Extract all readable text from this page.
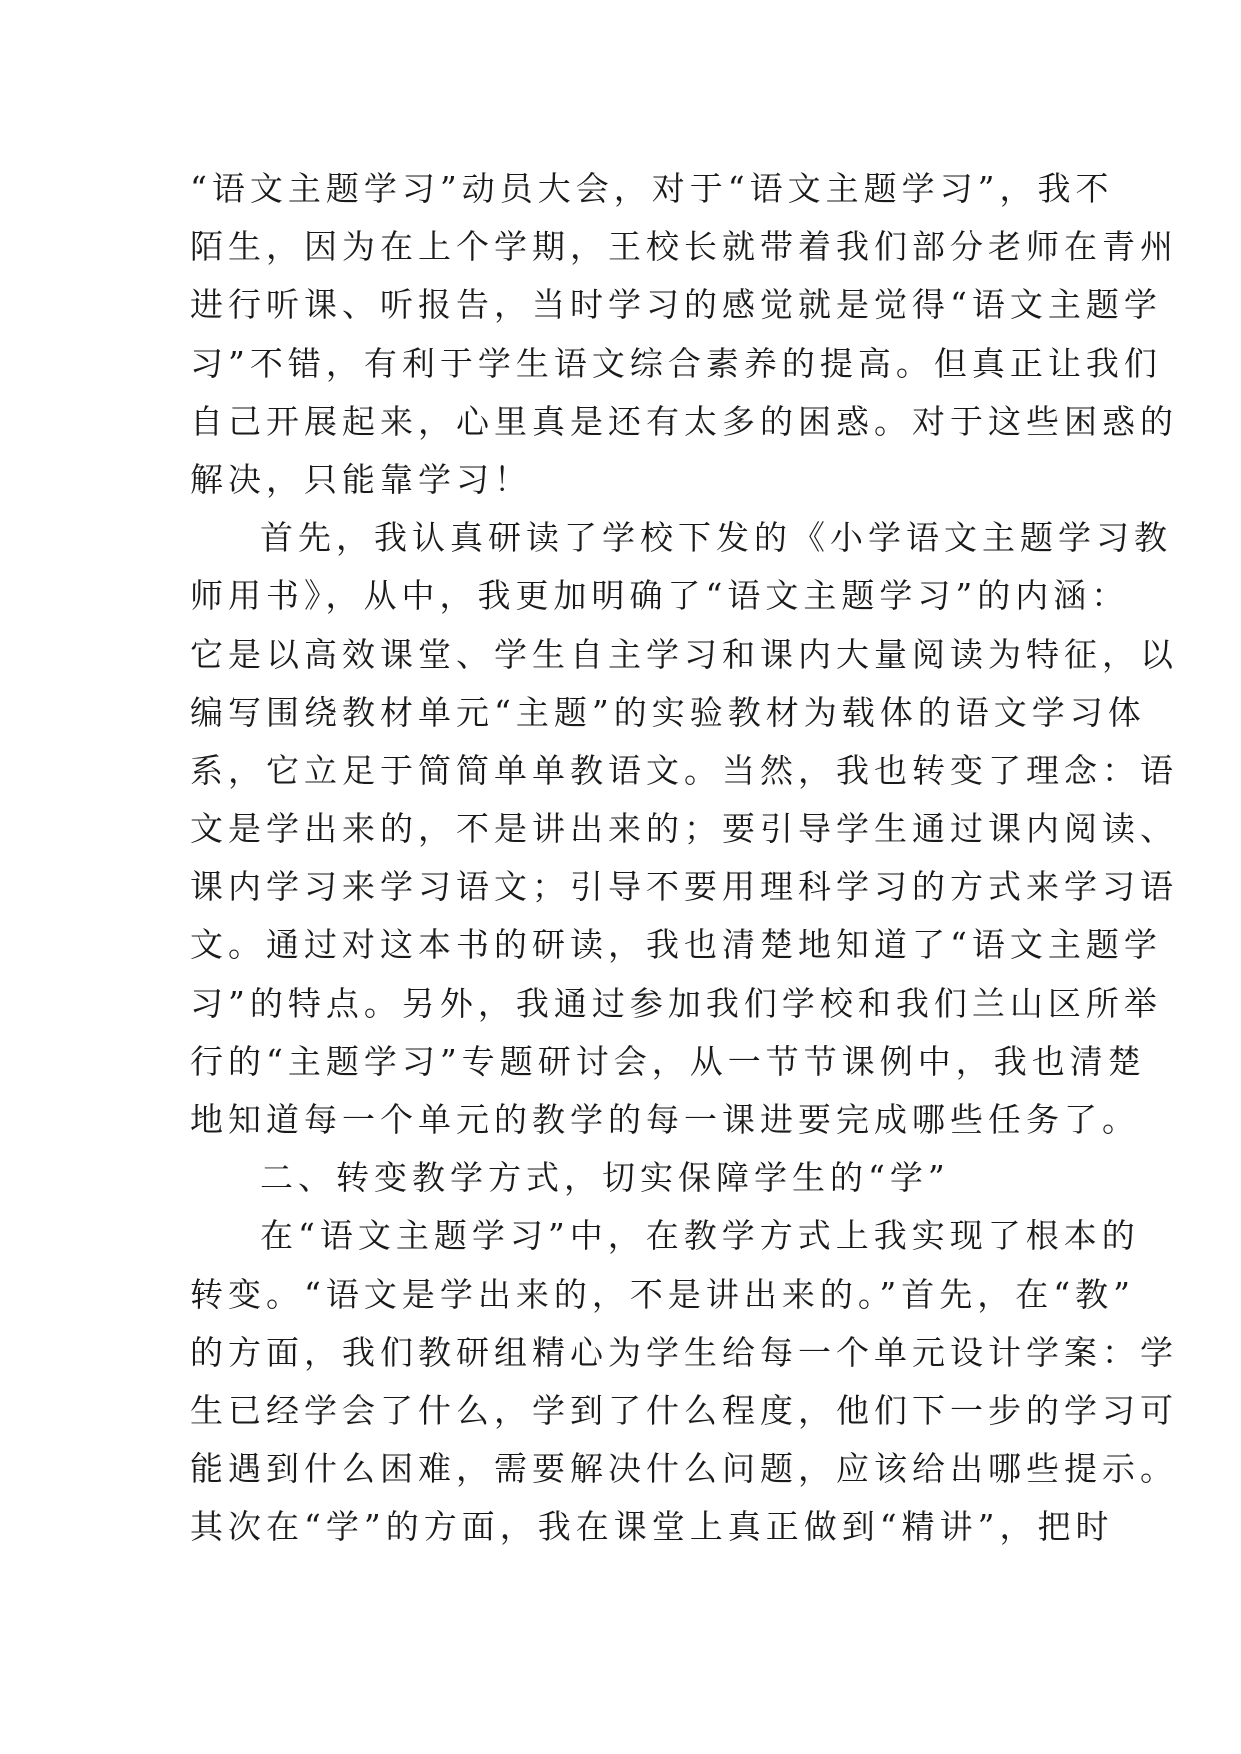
“语文主题学习”动员大会，对于“语文主题学习”，我不
陌生，因为在上个学期，王校长就带着我们部分老师在青州
进行听课、听报告，当时学习的感觉就是觉得“语文主题学
习”不错，有利于学生语文综合素养的提高。但真正让我们
自己开展起来，心里真是还有太多的困惑。对于这些困惑的
解决，只能靠学习！
首先，我认真研读了学校下发的《小学语文主题学习教
师用书》，从中，我更加明确了“语文主题学习”的内涵：
它是以高效课堂、学生自主学习和课内大量阅读为特征，以
编写围绕教材单元“主题”的实验教材为载体的语文学习体
系，它立足于简简单单教语文。当然，我也转变了理念：语
文是学出来的，不是讲出来的；要引导学生通过课内阅读、
课内学习来学习语文；引导不要用理科学习的方式来学习语
文。通过对这本书的研读，我也清楚地知道了“语文主题学
习”的特点。另外，我通过参加我们学校和我们兰山区所举
行的“主题学习”专题研讨会，从一节节课例中，我也清楚
地知道每一个单元的教学的每一课进要完成哪些任务了。
二、转变教学方式，切实保障学生的“学”
在“语文主题学习”中，在教学方式上我实现了根本的
转变。“语文是学出来的，不是讲出来的。”首先，在“教”
的方面，我们教研组精心为学生给每一个单元设计学案：学
生已经学会了什么，学到了什么程度，他们下一步的学习可
能遇到什么困难，需要解决什么问题，应该给出哪些提示。
其次在“学”的方面，我在课堂上真正做到“精讲”，把时
